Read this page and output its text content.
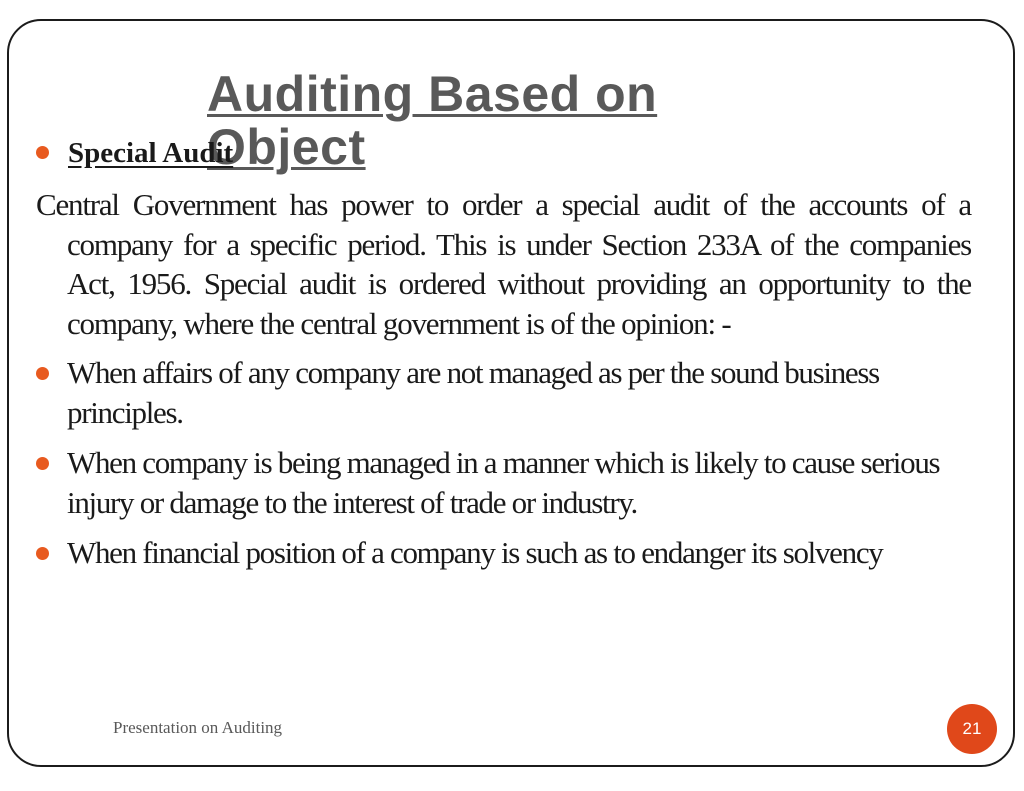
Auditing Based on Object
Special Audit
Central Government has power to order a special audit of the accounts of a company for a specific period. This is under Section 233A of the companies Act, 1956. Special audit is ordered without providing an opportunity to the company, where the central government is of the opinion: -
When affairs of any company are not managed as per the sound business principles.
When company is being managed in a manner which is likely to cause serious injury or damage to the interest of trade or industry.
When financial position of a company is such as to endanger its solvency
Presentation on Auditing	21
